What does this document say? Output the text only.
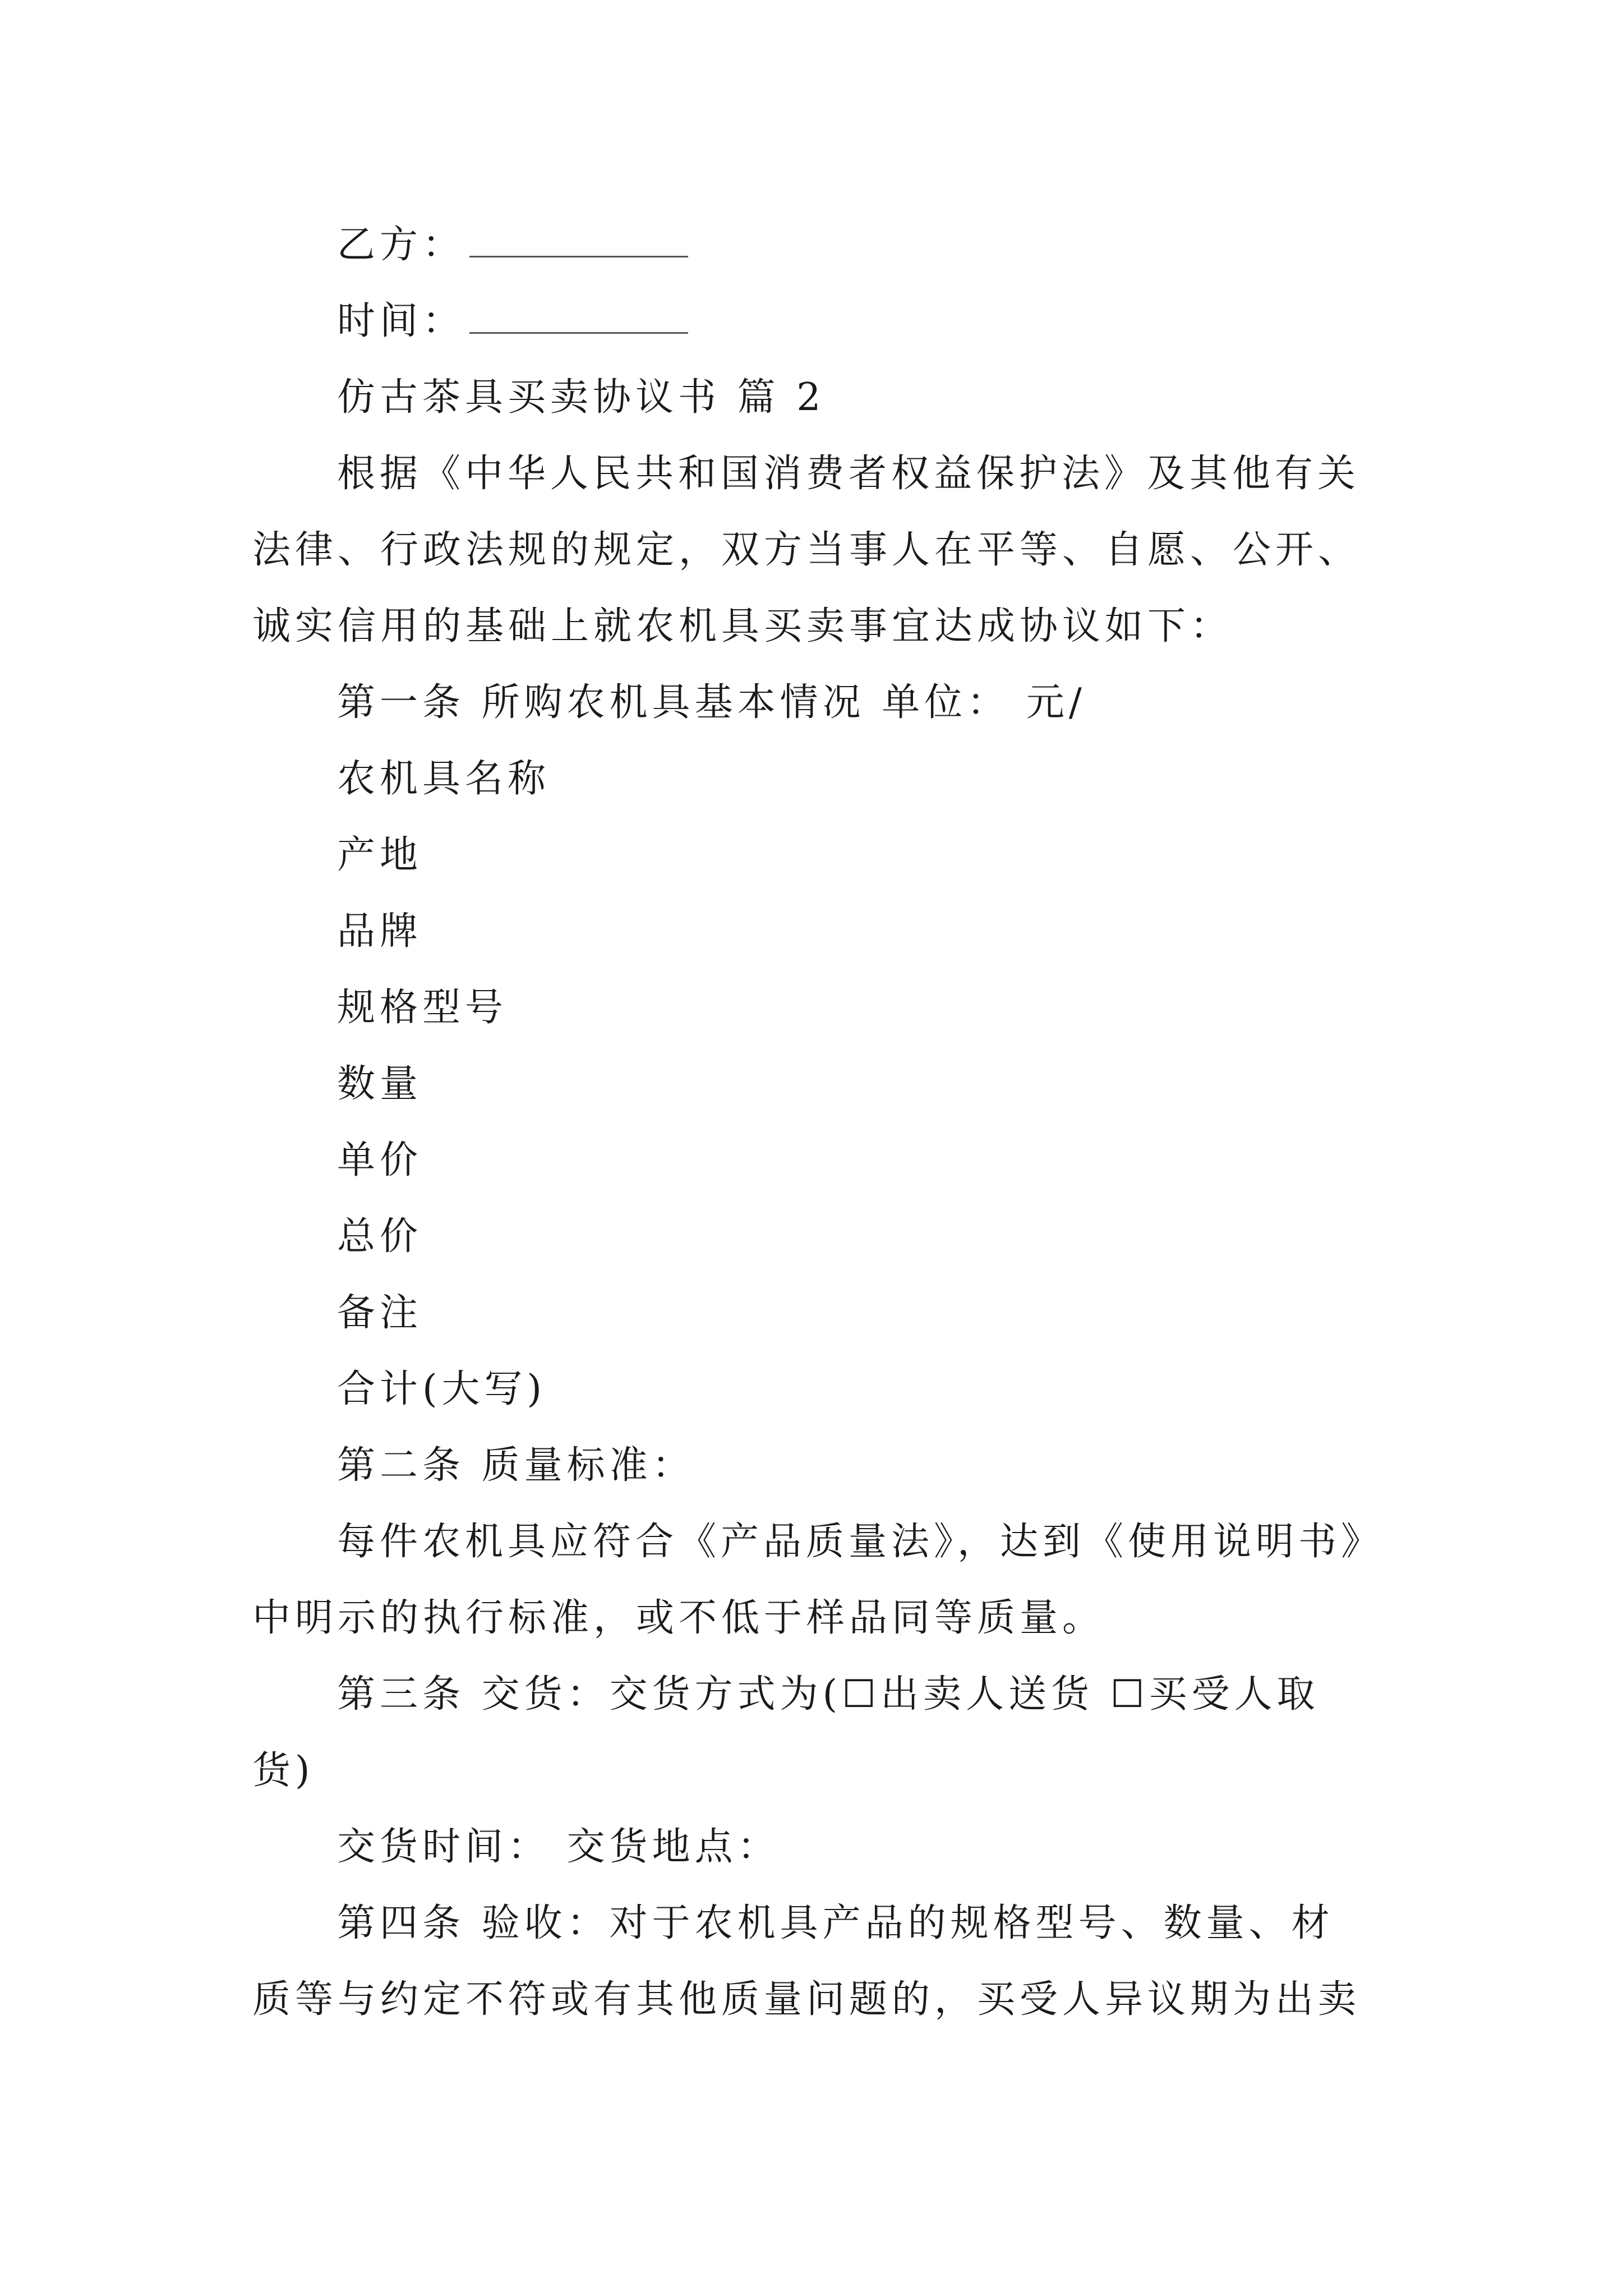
乙方：
时间：
仿古茶具买卖协议书 篇 2
根据《中华人民共和国消费者权益保护法》及其他有关
法律、行政法规的规定，双方当事人在平等、自愿、公开、
诚实信用的基础上就农机具买卖事宜达成协议如下：
第一条 所购农机具基本情况 单位： 元/
农机具名称
产地
品牌
规格型号
数量
单价
总价
备注
合计(大写)
第二条 质量标准：
每件农机具应符合《产品质量法》，达到《使用说明书》
中明示的执行标准，或不低于样品同等质量。
第三条 交货：交货方式为(☐出卖人送货 ☐买受人取
货)
交货时间： 交货地点：
第四条 验收：对于农机具产品的规格型号、数量、材
质等与约定不符或有其他质量问题的，买受人异议期为出卖
